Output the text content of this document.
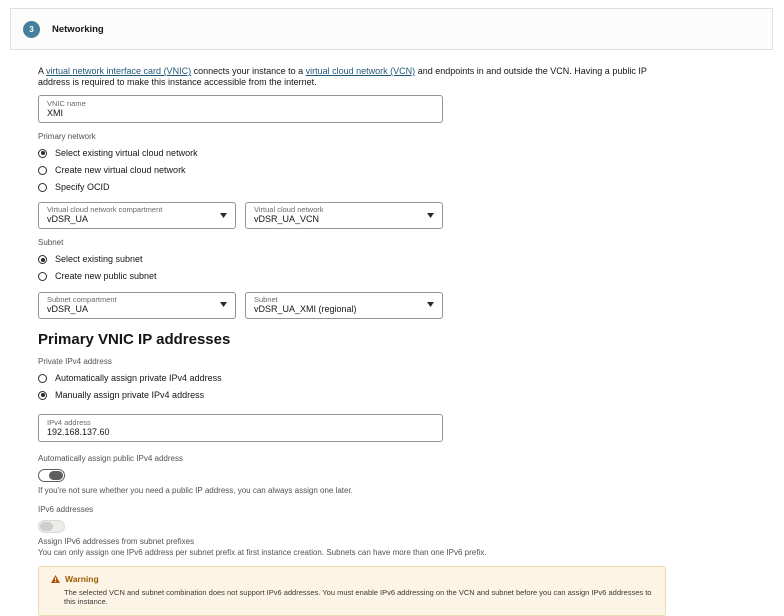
3	Networking

A virtual network interface card (VNIC) connects your instance to a virtual cloud network (VCN) and endpoints in and outside the VCN. Having a public IP address is required to make this instance accessible from the internet.

VNIC name
XMI
Primary network
Select existing virtual cloud network
Create new virtual cloud network
Specify OCID
Virtual cloud network compartment
vDSR_UA
Virtual cloud network
vDSR_UA_VCN
Subnet
Select existing subnet
Create new public subnet
Subnet compartment
vDSR_UA
Subnet
vDSR_UA_XMI (regional)
Primary VNIC IP addresses
Private IPv4 address
Automatically assign private IPv4 address
Manually assign private IPv4 address
IPv4 address
192.168.137.60
Automatically assign public IPv4 address
If you're not sure whether you need a public IP address, you can always assign one later.
IPv6 addresses
Assign IPv6 addresses from subnet prefixes
You can only assign one IPv6 address per subnet prefix at first instance creation. Subnets can have more than one IPv6 prefix.
Warning
The selected VCN and subnet combination does not support IPv6 addresses. You must enable IPv6 addressing on the VCN and subnet before you can assign IPv6 addresses to this instance.
